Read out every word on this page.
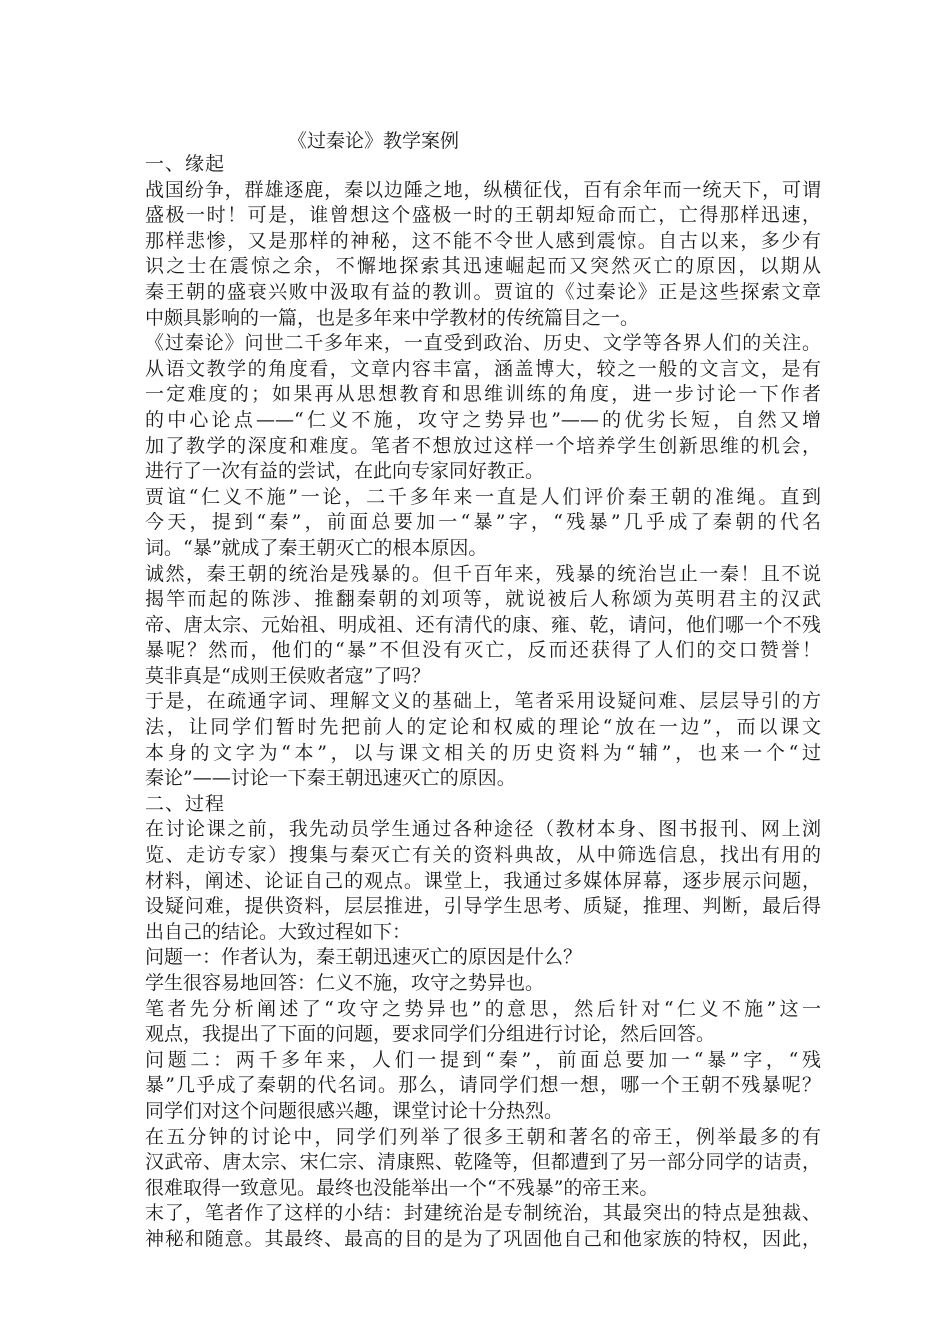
《过秦论》教学案例
一、缘起
战国纷争，群雄逐鹿，秦以边陲之地，纵横征伐，百有余年而一统天下，可谓
盛极一时！可是，谁曾想这个盛极一时的王朝却短命而亡，亡得那样迅速，
那样悲惨，又是那样的神秘，这不能不令世人感到震惊。自古以来，多少有
识之士在震惊之余，不懈地探索其迅速崛起而又突然灭亡的原因，以期从
秦王朝的盛衰兴败中汲取有益的教训。贾谊的《过秦论》正是这些探索文章
中颇具影响的一篇，也是多年来中学教材的传统篇目之一。
《过秦论》问世二千多年来，一直受到政治、历史、文学等各界人们的关注。
从语文教学的角度看，文章内容丰富，涵盖博大，较之一般的文言文，是有
一定难度的；如果再从思想教育和思维训练的角度，进一步讨论一下作者
的中心论点——“仁义不施，攻守之势异也”——的优劣长短，自然又增
加了教学的深度和难度。笔者不想放过这样一个培养学生创新思维的机会，
进行了一次有益的尝试，在此向专家同好教正。
贾谊“仁义不施”一论，二千多年来一直是人们评价秦王朝的准绳。直到
今天，提到“秦”，前面总要加一“暴”字，“残暴”几乎成了秦朝的代名
词。“暴”就成了秦王朝灭亡的根本原因。
诚然，秦王朝的统治是残暴的。但千百年来，残暴的统治岂止一秦！且不说
揭竿而起的陈涉、推翻秦朝的刘项等，就说被后人称颂为英明君主的汉武
帝、唐太宗、元始祖、明成祖、还有清代的康、雍、乾，请问，他们哪一个不残
暴呢？然而，他们的“暴”不但没有灭亡，反而还获得了人们的交口赞誉！
莫非真是“成则王侯败者寇”了吗？
于是，在疏通字词、理解文义的基础上，笔者采用设疑问难、层层导引的方
法，让同学们暂时先把前人的定论和权威的理论“放在一边”，而以课文
本身的文字为“本”，以与课文相关的历史资料为“辅”，也来一个“过
秦论”——讨论一下秦王朝迅速灭亡的原因。
二、过程
在讨论课之前，我先动员学生通过各种途径（教材本身、图书报刊、网上浏
览、走访专家）搜集与秦灭亡有关的资料典故，从中筛选信息，找出有用的
材料，阐述、论证自己的观点。课堂上，我通过多媒体屏幕，逐步展示问题，
设疑问难，提供资料，层层推进，引导学生思考、质疑，推理、判断，最后得
出自己的结论。大致过程如下：
问题一：作者认为，秦王朝迅速灭亡的原因是什么？
学生很容易地回答：仁义不施，攻守之势异也。
笔者先分析阐述了“攻守之势异也”的意思，然后针对“仁义不施”这一
观点，我提出了下面的问题，要求同学们分组进行讨论，然后回答。
问题二：两千多年来，人们一提到“秦”，前面总要加一“暴”字，“残
暴”几乎成了秦朝的代名词。那么，请同学们想一想，哪一个王朝不残暴呢？
同学们对这个问题很感兴趣，课堂讨论十分热烈。
在五分钟的讨论中，同学们列举了很多王朝和著名的帝王，例举最多的有
汉武帝、唐太宗、宋仁宗、清康熙、乾隆等，但都遭到了另一部分同学的诘责，
很难取得一致意见。最终也没能举出一个“不残暴”的帝王来。
末了，笔者作了这样的小结：封建统治是专制统治，其最突出的特点是独裁、
神秘和随意。其最终、最高的目的是为了巩固他自己和他家族的特权，因此，
